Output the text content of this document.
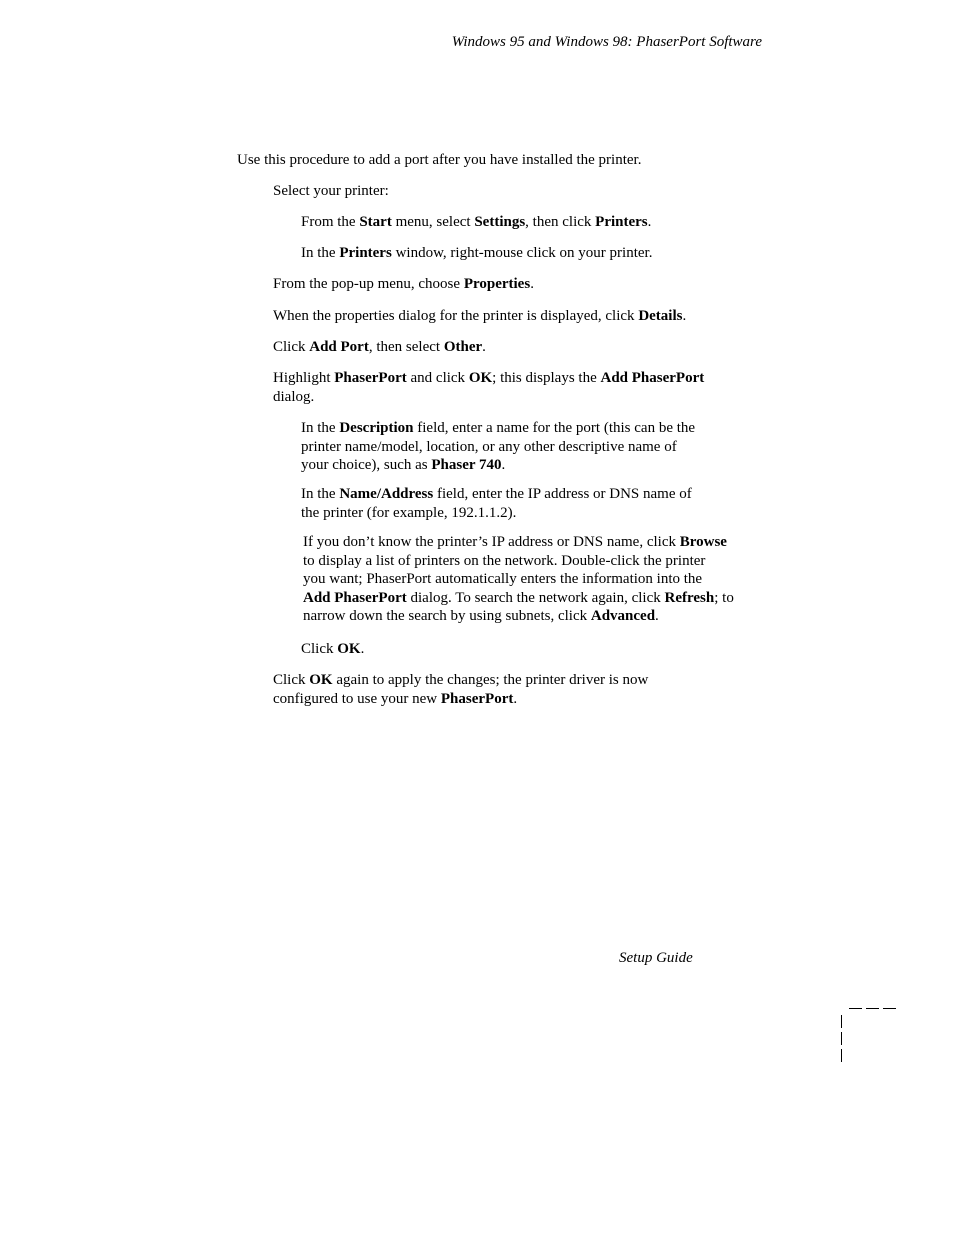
Windows 95 and Windows 98: PhaserPort Software
Use this procedure to add a port after you have installed the printer.
Select your printer:
From the Start menu, select Settings, then click Printers.
In the Printers window, right-mouse click on your printer.
From the pop-up menu, choose Properties.
When the properties dialog for the printer is displayed, click Details.
Click Add Port, then select Other.
Highlight PhaserPort and click OK; this displays the Add PhaserPort
dialog.
In the Description field, enter a name for the port (this can be the
printer name/model, location, or any other descriptive name of
your choice), such as Phaser 740.
In the Name/Address field, enter the IP address or DNS name of
the printer (for example, 192.1.1.2).
If you don’t know the printer’s IP address or DNS name, click Browse
to display a list of printers on the network. Double-click the printer
you want; PhaserPort automatically enters the information into the
Add PhaserPort dialog. To search the network again, click Refresh; to
narrow down the search by using subnets, click Advanced.
Click OK.
Click OK again to apply the changes; the printer driver is now
configured to use your new PhaserPort.
Setup Guide
